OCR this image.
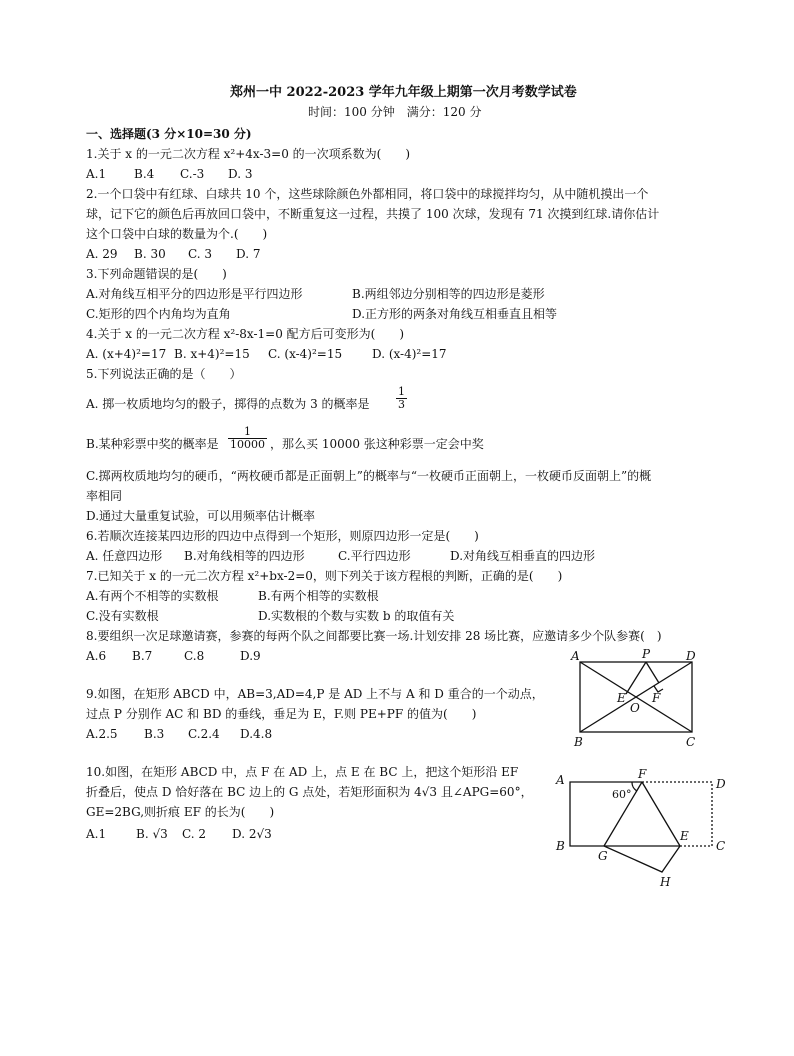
郑州一中 2022-2023 学年九年级上期第一次月考数学试卷
时间：100 分钟　满分：120 分
一、选择题(3 分×10=30 分)
1.关于 x 的一元二次方程 x²+4x-3=0 的一次项系数为(　　)
A.1 B.4 C.-3 D. 3
2.一个口袋中有红球、白球共 10 个，这些球除颜色外都相同，将口袋中的球搅拌均匀，从中随机摸出一个
球，记下它的颜色后再放回口袋中，不断重复这一过程，共摸了 100 次球，发现有 71 次摸到红球.请你估计
这个口袋中白球的数量为个.(　　)
A. 29 B. 30 C. 3 D. 7
3.下列命题错误的是(　　)
A.对角线互相平分的四边形是平行四边形	B.两组邻边分别相等的四边形是菱形
C.矩形的四个内角均为直角	D.正方形的两条对角线互相垂直且相等
4.关于 x 的一元二次方程 x²-8x-1=0 配方后可变形为(　　)
A. (x+4)²=17 B. x+4)²=15 C. (x-4)²=15 D. (x-4)²=17
5.下列说法正确的是（　　）
A. 掷一枚质地均匀的骰子，掷得的点数为 3 的概率是
1
3
B.某种彩票中奖的概率是
1
10000 ，那么买 10000 张这种彩票一定会中奖
C.掷两枚质地均匀的硬币，“两枚硬币都是正面朝上”的概率与“一枚硬币正面朝上，一枚硬币反面朝上”的概
率相同
D.通过大量重复试验，可以用频率估计概率
6.若顺次连接某四边形的四边中点得到一个矩形，则原四边形一定是(　　)
A. 任意四边形 B.对角线相等的四边形	C.平行四边形	D.对角线互相垂直的四边形
7.已知关于 x 的一元二次方程 x²+bx-2=0，则下列关于该方程根的判断，正确的是(　　)
A.有两个不相等的实数根	B.有两个相等的实数根
C.没有实数根	D.实数根的个数与实数 b 的取值有关
8.要组织一次足球邀请赛，参赛的每两个队之间都要比赛一场.计划安排 28 场比赛，应邀请多少个队参赛(　)
A.6 B.7	C.8	D.9
9.如图，在矩形 ABCD 中，AB=3,AD=4,P 是 AD 上不与 A 和 D 重合的一个动点，
过点 P 分别作 AC 和 BD 的垂线，垂足为 E，F.则 PE+PF 的值为(　　)
A.2.5 B.3 C.2.4 D.4.8
A	P	D
E F
O
B	C
10.如图，在矩形 ABCD 中，点 F 在 AD 上，点 E 在 BC 上，把这个矩形沿 EF
折叠后，使点 D 恰好落在 BC 边上的 G 点处，若矩形面积为 4√3 且∠APG=60°，
GE=2BG,则折痕 EF 的长为(　　)
A.1 B. √3 C. 2 D. 2√3
A	F
D
60°
E
B
G
C
H
